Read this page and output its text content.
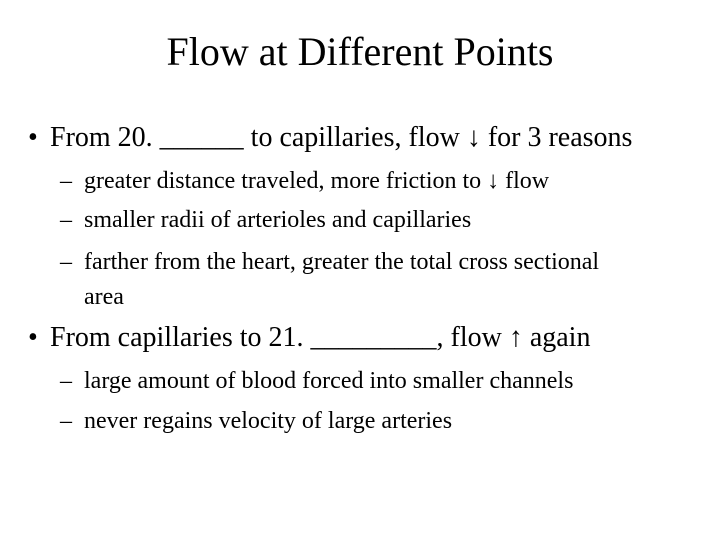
Flow at Different Points
• From 20. ______ to capillaries, flow ↓ for 3 reasons
– greater distance traveled, more friction to ↓ flow
– smaller radii of arterioles and capillaries
– farther from the heart, greater the total cross sectional
area
• From capillaries to 21. _________, flow ↑ again
– large amount of blood forced into smaller channels
– never regains velocity of large arteries
